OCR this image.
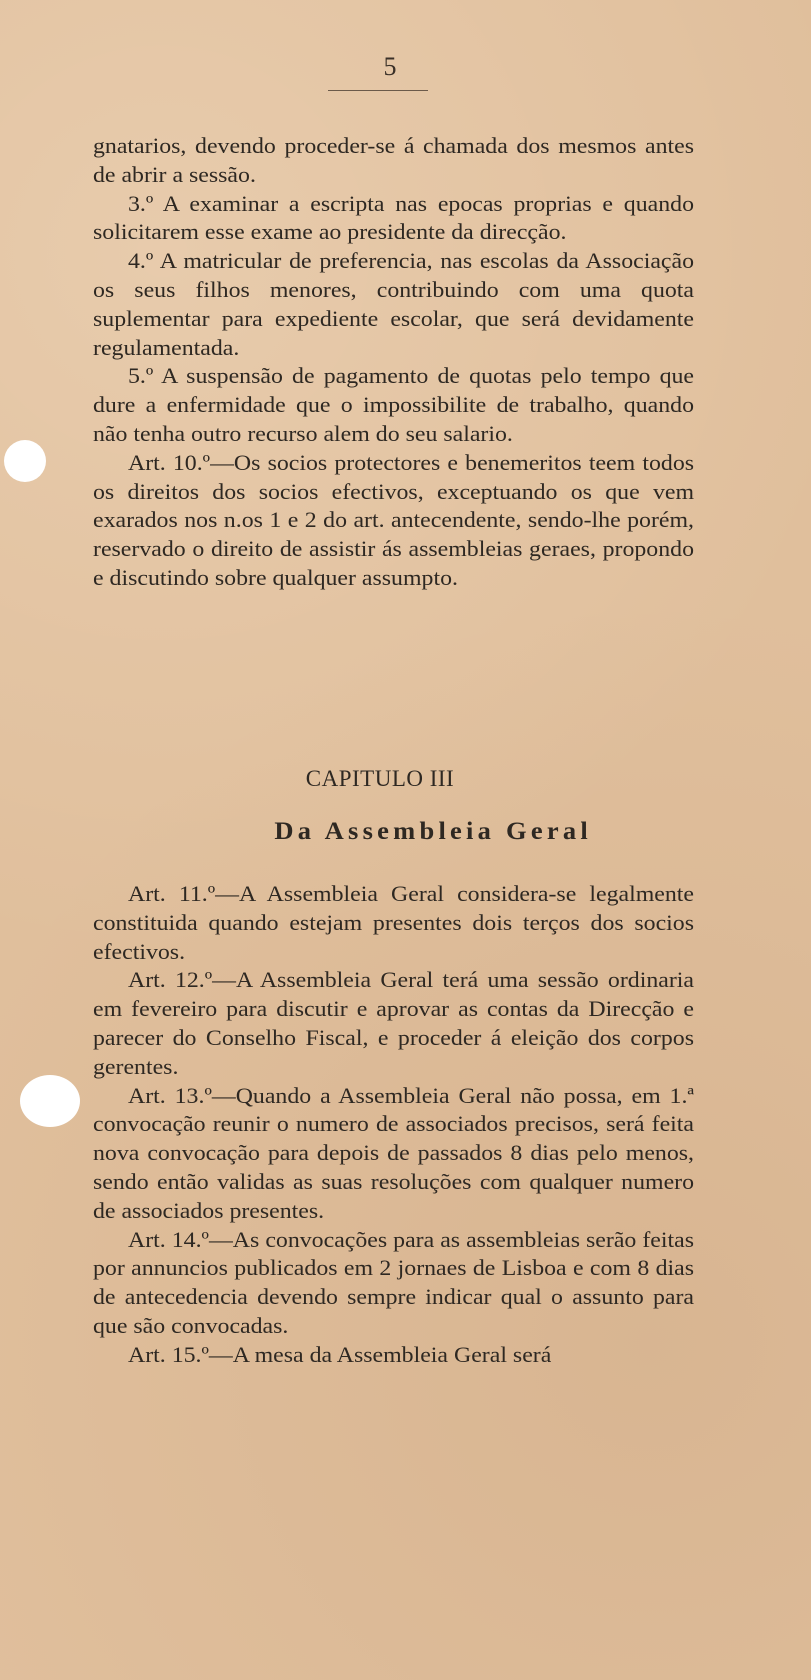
5

gnatarios, devendo proceder-se á chamada dos mesmos antes de abrir a sessão.

3.º A examinar a escripta nas epocas proprias e quando solicitarem esse exame ao presidente da direcção.

4.º A matricular de preferencia, nas escolas da Associação os seus filhos menores, contribuindo com uma quota suplementar para expediente escolar, que será devidamente regulamentada.

5.º A suspensão de pagamento de quotas pelo tempo que dure a enfermidade que o impossibilite de trabalho, quando não tenha outro recurso alem do seu salario.

Art. 10.º—Os socios protectores e benemeritos teem todos os direitos dos socios efectivos, exceptuando os que vem exarados nos n.os 1 e 2 do art. antecendente, sendo-lhe porém, reservado o direito de assistir ás assembleias geraes, propondo e discutindo sobre qualquer assumpto.

CAPITULO III
Da Assembleia Geral

Art. 11.º—A Assembleia Geral considera-se legalmente constituida quando estejam presentes dois terços dos socios efectivos.

Art. 12.º—A Assembleia Geral terá uma sessão ordinaria em fevereiro para discutir e aprovar as contas da Direcção e parecer do Conselho Fiscal, e proceder á eleição dos corpos gerentes.

Art. 13.º—Quando a Assembleia Geral não possa, em 1.ª convocação reunir o numero de associados precisos, será feita nova convocação para depois de passados 8 dias pelo menos, sendo então validas as suas resoluções com qualquer numero de associados presentes.

Art. 14.º—As convocações para as assembleias serão feitas por annuncios publicados em 2 jornaes de Lisboa e com 8 dias de antecedencia devendo sempre indicar qual o assunto para que são convocadas.

Art. 15.º—A mesa da Assembleia Geral será
